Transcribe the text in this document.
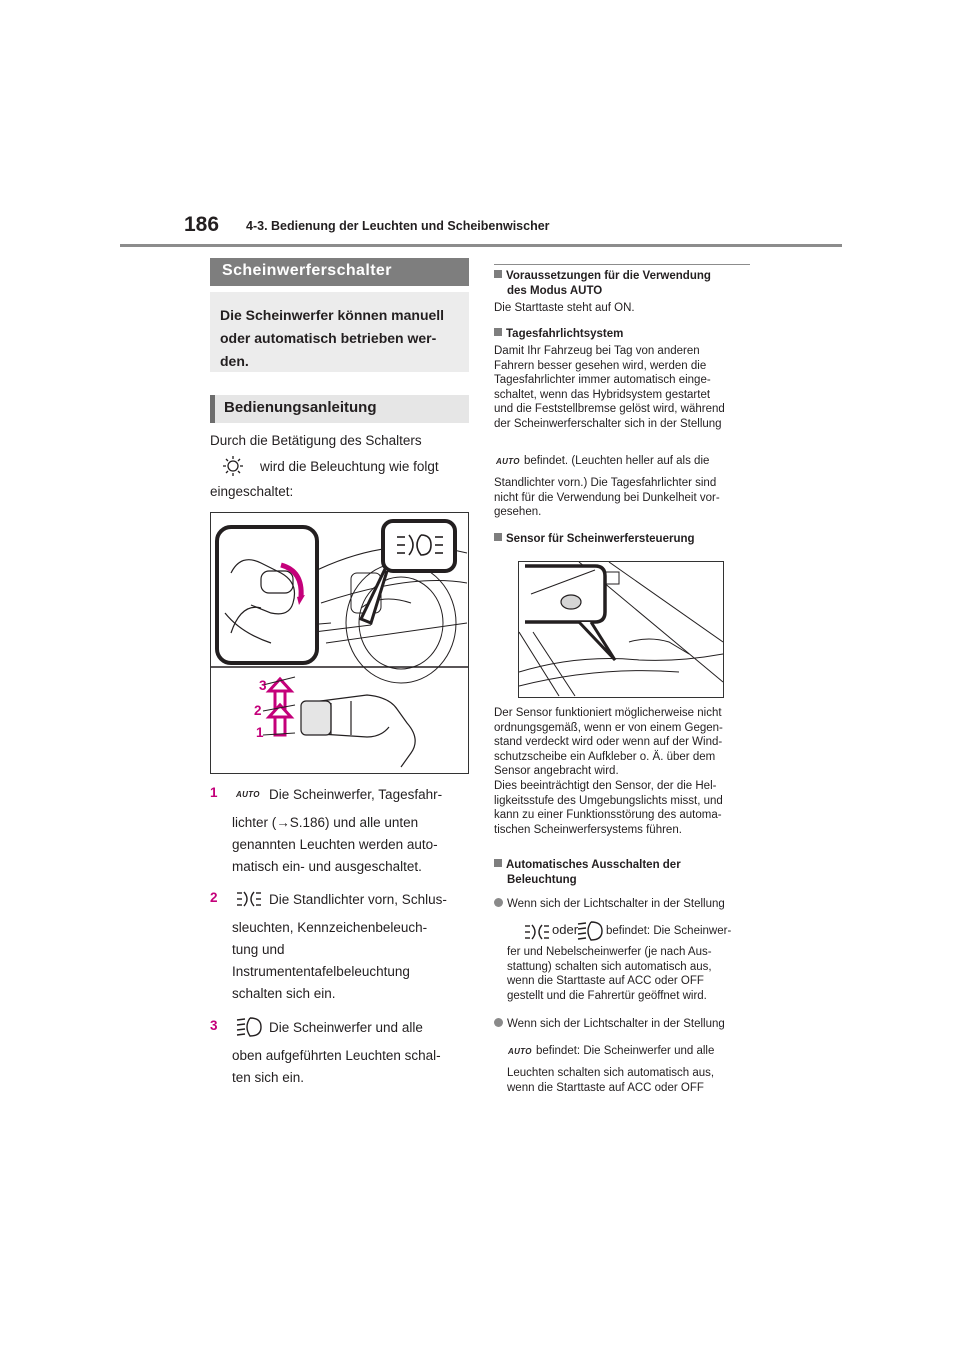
186 4-3. Bedienung der Leuchten und Scheibenwischer
Scheinwerferschalter
Die Scheinwerfer können manuell
oder automatisch betrieben wer-
den.
Bedienungsanleitung
Durch die Betätigung des Schalters
wird die Beleuchtung wie folgt
eingeschaltet:
3
2
1
1 AUTO Die Scheinwerfer, Tagesfahr-
lichter (→S.186) und alle unten
genannten Leuchten werden auto-
matisch ein- und ausgeschaltet.
2	Die Standlichter vorn, Schlus-
sleuchten, Kennzeichenbeleuch-
tung und
Instrumententafelbeleuchtung
schalten sich ein.
3	Die Scheinwerfer und alle
oben aufgeführten Leuchten schal-
ten sich ein.
Voraussetzungen für die Verwendung
des Modus AUTO
Die Starttaste steht auf ON.
Tagesfahrlichtsystem
Damit Ihr Fahrzeug bei Tag von anderen
Fahrern besser gesehen wird, werden die
Tagesfahrlichter immer automatisch einge-
schaltet, wenn das Hybridsystem gestartet
und die Feststellbremse gelöst wird, während
der Scheinwerferschalter sich in der Stellung
AUTO befindet. (Leuchten heller auf als die
Standlichter vorn.) Die Tagesfahrlichter sind
nicht für die Verwendung bei Dunkelheit vor-
gesehen.
Sensor für Scheinwerfersteuerung
Der Sensor funktioniert möglicherweise nicht
ordnungsgemäß, wenn er von einem Gegen-
stand verdeckt wird oder wenn auf der Wind-
schutzscheibe ein Aufkleber o. Ä. über dem
Sensor angebracht wird.
Dies beeinträchtigt den Sensor, der die Hel-
ligkeitsstufe des Umgebungslichts misst, und
kann zu einer Funktionsstörung des automa-
tischen Scheinwerfersystems führen.
Automatisches Ausschalten der
Beleuchtung
Wenn sich der Lichtschalter in der Stellung
oder befindet: Die Scheinwer-
fer und Nebelscheinwerfer (je nach Aus-
stattung) schalten sich automatisch aus,
wenn die Starttaste auf ACC oder OFF
gestellt und die Fahrertür geöffnet wird.
Wenn sich der Lichtschalter in der Stellung
AUTO befindet: Die Scheinwerfer und alle
Leuchten schalten sich automatisch aus,
wenn die Starttaste auf ACC oder OFF
